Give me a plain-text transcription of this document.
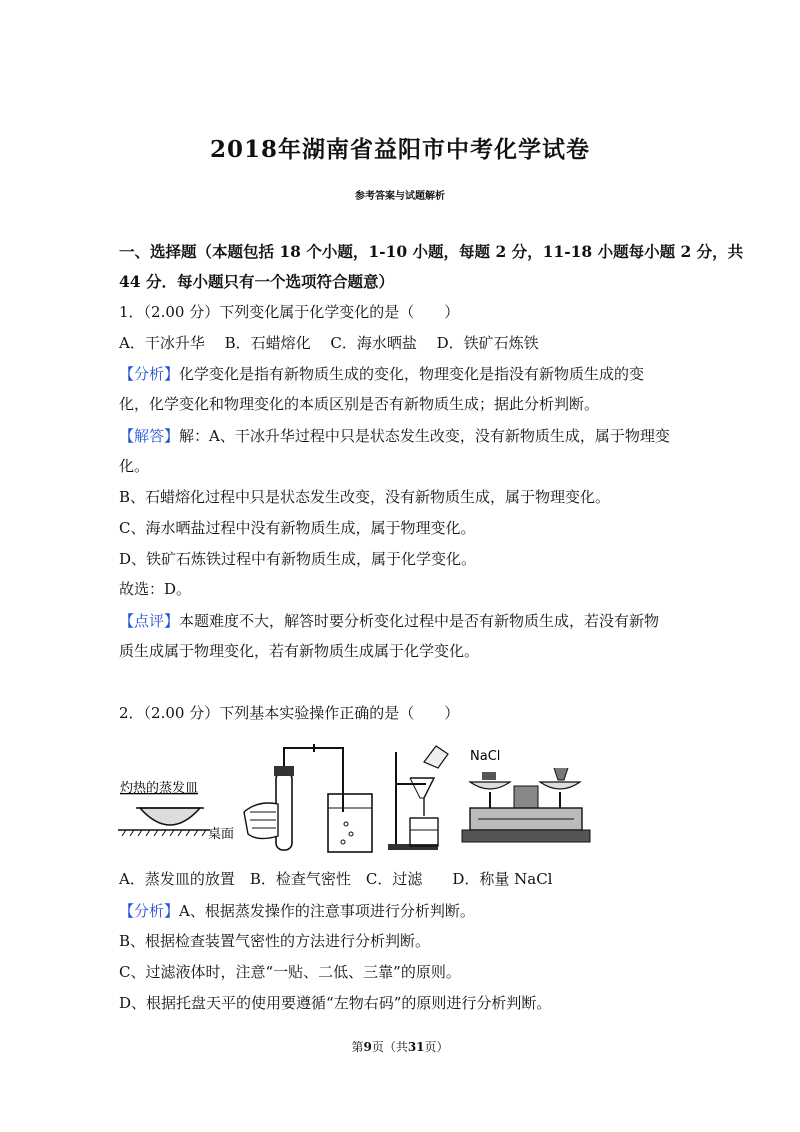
2018年湖南省益阳市中考化学试卷
参考答案与试题解析
一、选择题（本题包括 18 个小题，1-10 小题，每题 2 分，11-18 小题每小题 2 分，共
44 分．每小题只有一个选项符合题意）
1．（2.00 分）下列变化属于化学变化的是（　　）
A．干冰升华　 B．石蜡熔化　 C．海水晒盐　 D．铁矿石炼铁
【分析】化学变化是指有新物质生成的变化，物理变化是指没有新物质生成的变
化，化学变化和物理变化的本质区别是否有新物质生成；据此分析判断。
【解答】解：A、干冰升华过程中只是状态发生改变，没有新物质生成，属于物理变
化。
B、石蜡熔化过程中只是状态发生改变，没有新物质生成，属于物理变化。
C、海水晒盐过程中没有新物质生成，属于物理变化。
D、铁矿石炼铁过程中有新物质生成，属于化学变化。
故选：D。
【点评】本题难度不大，解答时要分析变化过程中是否有新物质生成，若没有新物
质生成属于物理变化，若有新物质生成属于化学变化。
2．（2.00 分）下列基本实验操作正确的是（　　）
灼热的蒸发皿
桌面
NaCl
A．蒸发皿的放置　B．检查气密性　C．过滤　　D．称量 NaCl
【分析】A、根据蒸发操作的注意事项进行分析判断。
B、根据检查装置气密性的方法进行分析判断。
C、过滤液体时，注意“一贴、二低、三靠”的原则。
D、根据托盘天平的使用要遵循“左物右码”的原则进行分析判断。
第9页（共31页）
